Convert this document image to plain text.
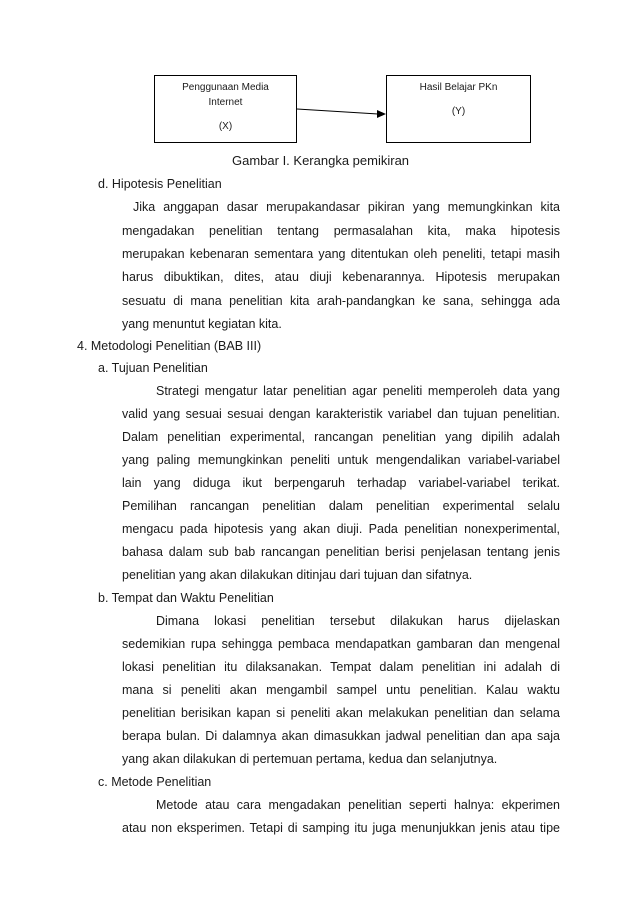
Penggunaan Media
Internet
(X)
Hasil Belajar PKn
(Y)
Gambar I. Kerangka pemikiran
d. Hipotesis Penelitian
Jika anggapan dasar merupakandasar pikiran yang memungkinkan kita
mengadakan penelitian tentang permasalahan kita, maka hipotesis
merupakan kebenaran sementara yang ditentukan oleh peneliti, tetapi masih
harus dibuktikan, dites, atau diuji kebenarannya. Hipotesis merupakan
sesuatu di mana penelitian kita arah-pandangkan ke sana, sehingga ada
yang menuntut kegiatan kita.
4. Metodologi Penelitian (BAB III)
a. Tujuan Penelitian
Strategi mengatur latar penelitian agar peneliti memperoleh data yang
valid yang sesuai sesuai dengan karakteristik variabel dan tujuan penelitian.
Dalam penelitian experimental, rancangan penelitian yang dipilih adalah
yang paling memungkinkan peneliti untuk mengendalikan variabel-variabel
lain yang diduga ikut berpengaruh terhadap variabel-variabel terikat.
Pemilihan rancangan penelitian dalam penelitian experimental selalu
mengacu pada hipotesis yang akan diuji. Pada penelitian nonexperimental,
bahasa dalam sub bab rancangan penelitian berisi penjelasan tentang jenis
penelitian yang akan dilakukan ditinjau dari tujuan dan sifatnya.
b. Tempat dan Waktu Penelitian
Dimana lokasi penelitian tersebut dilakukan harus dijelaskan
sedemikian rupa sehingga pembaca mendapatkan gambaran dan mengenal
lokasi penelitian itu dilaksanakan. Tempat dalam penelitian ini adalah di
mana si peneliti akan mengambil sampel untu penelitian. Kalau waktu
penelitian berisikan kapan si peneliti akan melakukan penelitian dan selama
berapa bulan. Di dalamnya akan dimasukkan jadwal penelitian dan apa saja
yang akan dilakukan di pertemuan pertama, kedua dan selanjutnya.
c. Metode Penelitian
Metode atau cara mengadakan penelitian seperti halnya: ekperimen
atau non eksperimen. Tetapi di samping itu juga menunjukkan jenis atau tipe
